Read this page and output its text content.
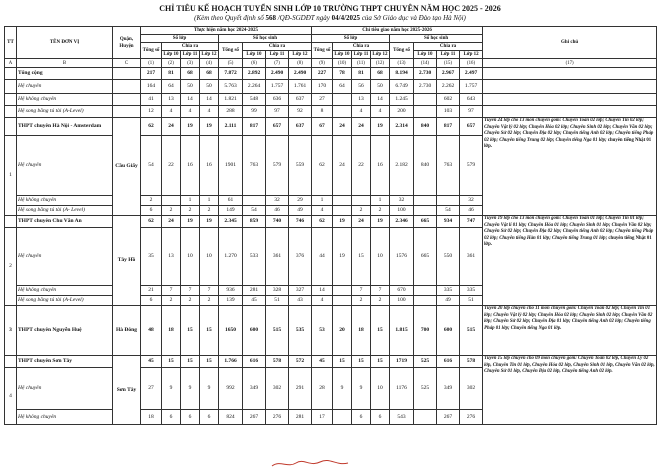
CHỈ TIÊU KẾ HOẠCH TUYỂN SINH LỚP 10 TRƯỜNG THPT CHUYÊN NĂM HỌC 2025 - 2026
(Kèm theo Quyết định số 568 /QĐ-SGDĐT ngày 04/4/2025 của Sở Giáo dục và Đào tạo Hà Nội)
TT	TÊN ĐƠN VỊ	Quận, Huyện	Thực hiện năm học 2024-2025								Chỉ tiêu giao năm học 2025-2026								Ghi chú
			Số lớp				Số học sinh				Số lớp				Số học sinh				
			Tổng số	Chia ra			Tổng số	Chia ra			Tổng số	Chia ra			Tổng số	Chia ra			
				Lớp 10	Lớp 11	Lớp 12		Lớp 10	Lớp 11	Lớp 12		Lớp 10	Lớp 11	Lớp 12		Lớp 10	Lớp 11	Lớp 12	
A	B	C	(1)	(2)	(3)	(4)	(5)	(6)	(7)	(8)	(9)	(10)	(11)	(12)	(13)	(14)	(15)	(16)	(17)
	Tổng cộng		217	81	68	68	7.872	2.892	2.490	2.490	227	78	81	68	8.194	2.730	2.967	2.497	
	Hệ chuyên		164	64	50	50	5.763	2.264	1.757	1.761	170	64	56	50	6.749	2.730	2.262	1.757	
	Hệ không chuyên		41	13	14	14	1.821	548	636	637	27		13	14	1.245		602	643	
	Hệ song bằng tú tài (A-Level)		12	4	4	4	288	99	97	92	8		4	4	200		103	97	
	THPT chuyên Hà Nội - Amsterdam	Cầu Giấy	62	24	19	19	2.111	817	657	637	67	24	24	19	2.314	840	817	657	Tuyển 24 lớp cho 13 môn chuyên gồm: Chuyên Toán 02 lớp; Chuyên Tin 02 lớp; Chuyên Vật lý 02 lớp; Chuyên Hóa 02 lớp; Chuyên Sinh 02 lớp; Chuyên Văn 02 lớp; Chuyên Sử 02 lớp; Chuyên Địa 02 lớp; Chuyên tiếng Anh 02 lớp; Chuyên tiếng Pháp 02 lớp; Chuyên tiếng Trung 02 lớp; Chuyên tiếng Nga 01 lớp; chuyên tiếng Nhật 01 lớp.
1	Hệ chuyên		54	22	16	16	1901	763	579	559	62	24	22	16	2.182	840	763	579	
	Hệ không chuyên		2		1	1	61		32	29	1			1	32			32	
	Hệ song bằng tú tài (A- Level)		6	2	2	2	149	54	46	49	4		2	2	100		54	46	
	THPT chuyên Chu Văn An	Tây Hồ	62	24	19	19	2.345	859	740	746	62	19	24	19	2.346	665	934	747	Tuyển 19 lớp cho 13 môn chuyên gồm: Chuyên Toán 01 lớp; Chuyên Tin 01 lớp; Chuyên Vật lí 01 lớp; Chuyên Hóa 01 lớp; Chuyên Sinh 01 lớp; Chuyên Văn 02 lớp; Chuyên Sử 02 lớp; Chuyên Địa 02 lớp; Chuyên tiếng Anh 02 lớp; Chuyên tiếng Pháp 02 lớp; Chuyên tiếng Hàn 01 lớp; Chuyên tiếng Trung 01 lớp; chuyên tiếng Nhật 01 lớp.
2	Hệ chuyên		35	13	10	10	1.270	533	361	376	44	19	15	10	1576	665	550	361	
	Hệ không chuyên		21	7	7	7	936	281	328	327	14		7	7	670		335	335	
	Hệ song bằng tú tài (A-Level)		6	2	2	2	139	45	51	43	4		2	2	100		49	51	
3	THPT chuyên Nguyễn Huệ	Hà Đông	48	18	15	15	1650	600	515	535	53	20	18	15	1.815	700	600	515	Tuyển 20 lớp chuyên cho 11 môn chuyên gồm: Chuyên Toán 02 lớp; Chuyên Tin 01 lớp; Chuyên Vật lý 02 lớp; Chuyên Hóa 02 lớp; Chuyên Sinh 02 lớp; Chuyên Văn 02 lớp; Chuyên Sử 02 lớp; Chuyên Địa 01 lớp; Chuyên tiếng Anh 02 lớp; Chuyên tiếng Pháp 01 lớp; Chuyên tiếng Nga 01 lớp.
	THPT chuyên Sơn Tây	Sơn Tây	45	15	15	15	1.766	616	578	572	45	15	15	15	1719	525	616	578	Tuyển 15 lớp chuyên cho 09 môn chuyên gồm: Chuyên Toán 02 lớp, Chuyên Lý 02 lớp, Chuyên Tin 01 lớp, Chuyên Hóa 02 lớp, Chuyên Sinh 01 lớp, Chuyên Văn 02 lớp, Chuyên Sử 01 lớp, Chuyên Địa 02 lớp, Chuyên tiếng Anh 02 lớp.
4	Hệ chuyên		27	9	9	9	992	349	302	291	28	9	9	10	1176	525	349	302	
	Hệ không chuyên		18	6	6	6	824	267	276	281	17		6	6	543		267	276	
